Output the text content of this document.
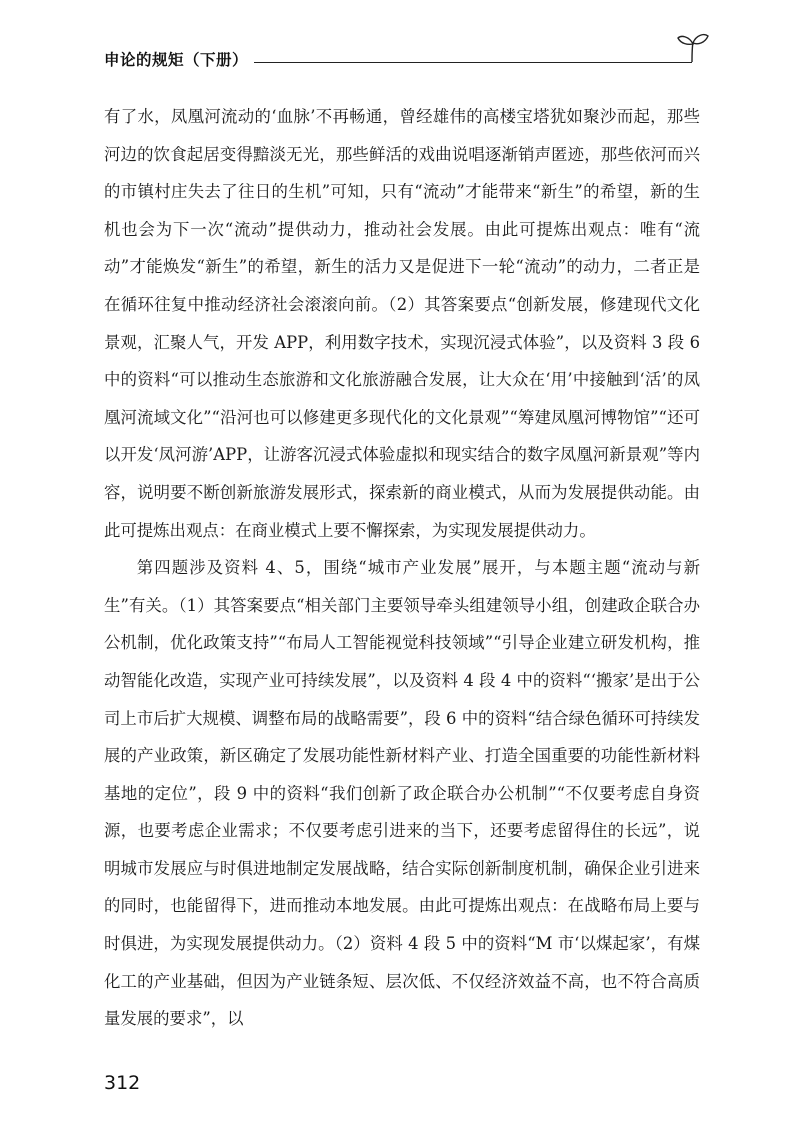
申论的规矩（下册）

有了水，凤凰河流动的‘血脉’不再畅通，曾经雄伟的高楼宝塔犹如聚沙而起，那些河边的饮食起居变得黯淡无光，那些鲜活的戏曲说唱逐渐销声匿迹，那些依河而兴的市镇村庄失去了往日的生机”可知，只有“流动”才能带来“新生”的希望，新的生机也会为下一次“流动”提供动力，推动社会发展。由此可提炼出观点：唯有“流动”才能焕发“新生”的希望，新生的活力又是促进下一轮“流动”的动力，二者正是在循环往复中推动经济社会滚滚向前。（2）其答案要点“创新发展，修建现代文化景观，汇聚人气，开发 APP，利用数字技术，实现沉浸式体验”，以及资料 3 段 6 中的资料“可以推动生态旅游和文化旅游融合发展，让大众在‘用’中接触到‘活’的凤凰河流域文化”“沿河也可以修建更多现代化的文化景观”“筹建凤凰河博物馆”“还可以开发‘凤河游’APP，让游客沉浸式体验虚拟和现实结合的数字凤凰河新景观”等内容，说明要不断创新旅游发展形式，探索新的商业模式，从而为发展提供动能。由此可提炼出观点：在商业模式上要不懈探索，为实现发展提供动力。

第四题涉及资料 4、5，围绕“城市产业发展”展开，与本题主题“流动与新生”有关。（1）其答案要点“相关部门主要领导牵头组建领导小组，创建政企联合办公机制，优化政策支持”“布局人工智能视觉科技领域”“引导企业建立研发机构，推动智能化改造，实现产业可持续发展”，以及资料 4 段 4 中的资料“‘搬家’是出于公司上市后扩大规模、调整布局的战略需要”，段 6 中的资料“结合绿色循环可持续发展的产业政策，新区确定了发展功能性新材料产业、打造全国重要的功能性新材料基地的定位”，段 9 中的资料“我们创新了政企联合办公机制”“不仅要考虑自身资源，也要考虑企业需求；不仅要考虑引进来的当下，还要考虑留得住的长远”，说明城市发展应与时俱进地制定发展战略，结合实际创新制度机制，确保企业引进来的同时，也能留得下，进而推动本地发展。由此可提炼出观点：在战略布局上要与时俱进，为实现发展提供动力。（2）资料 4 段 5 中的资料“M 市‘以煤起家’，有煤化工的产业基础，但因为产业链条短、层次低、不仅经济效益不高，也不符合高质量发展的要求”，以

312
